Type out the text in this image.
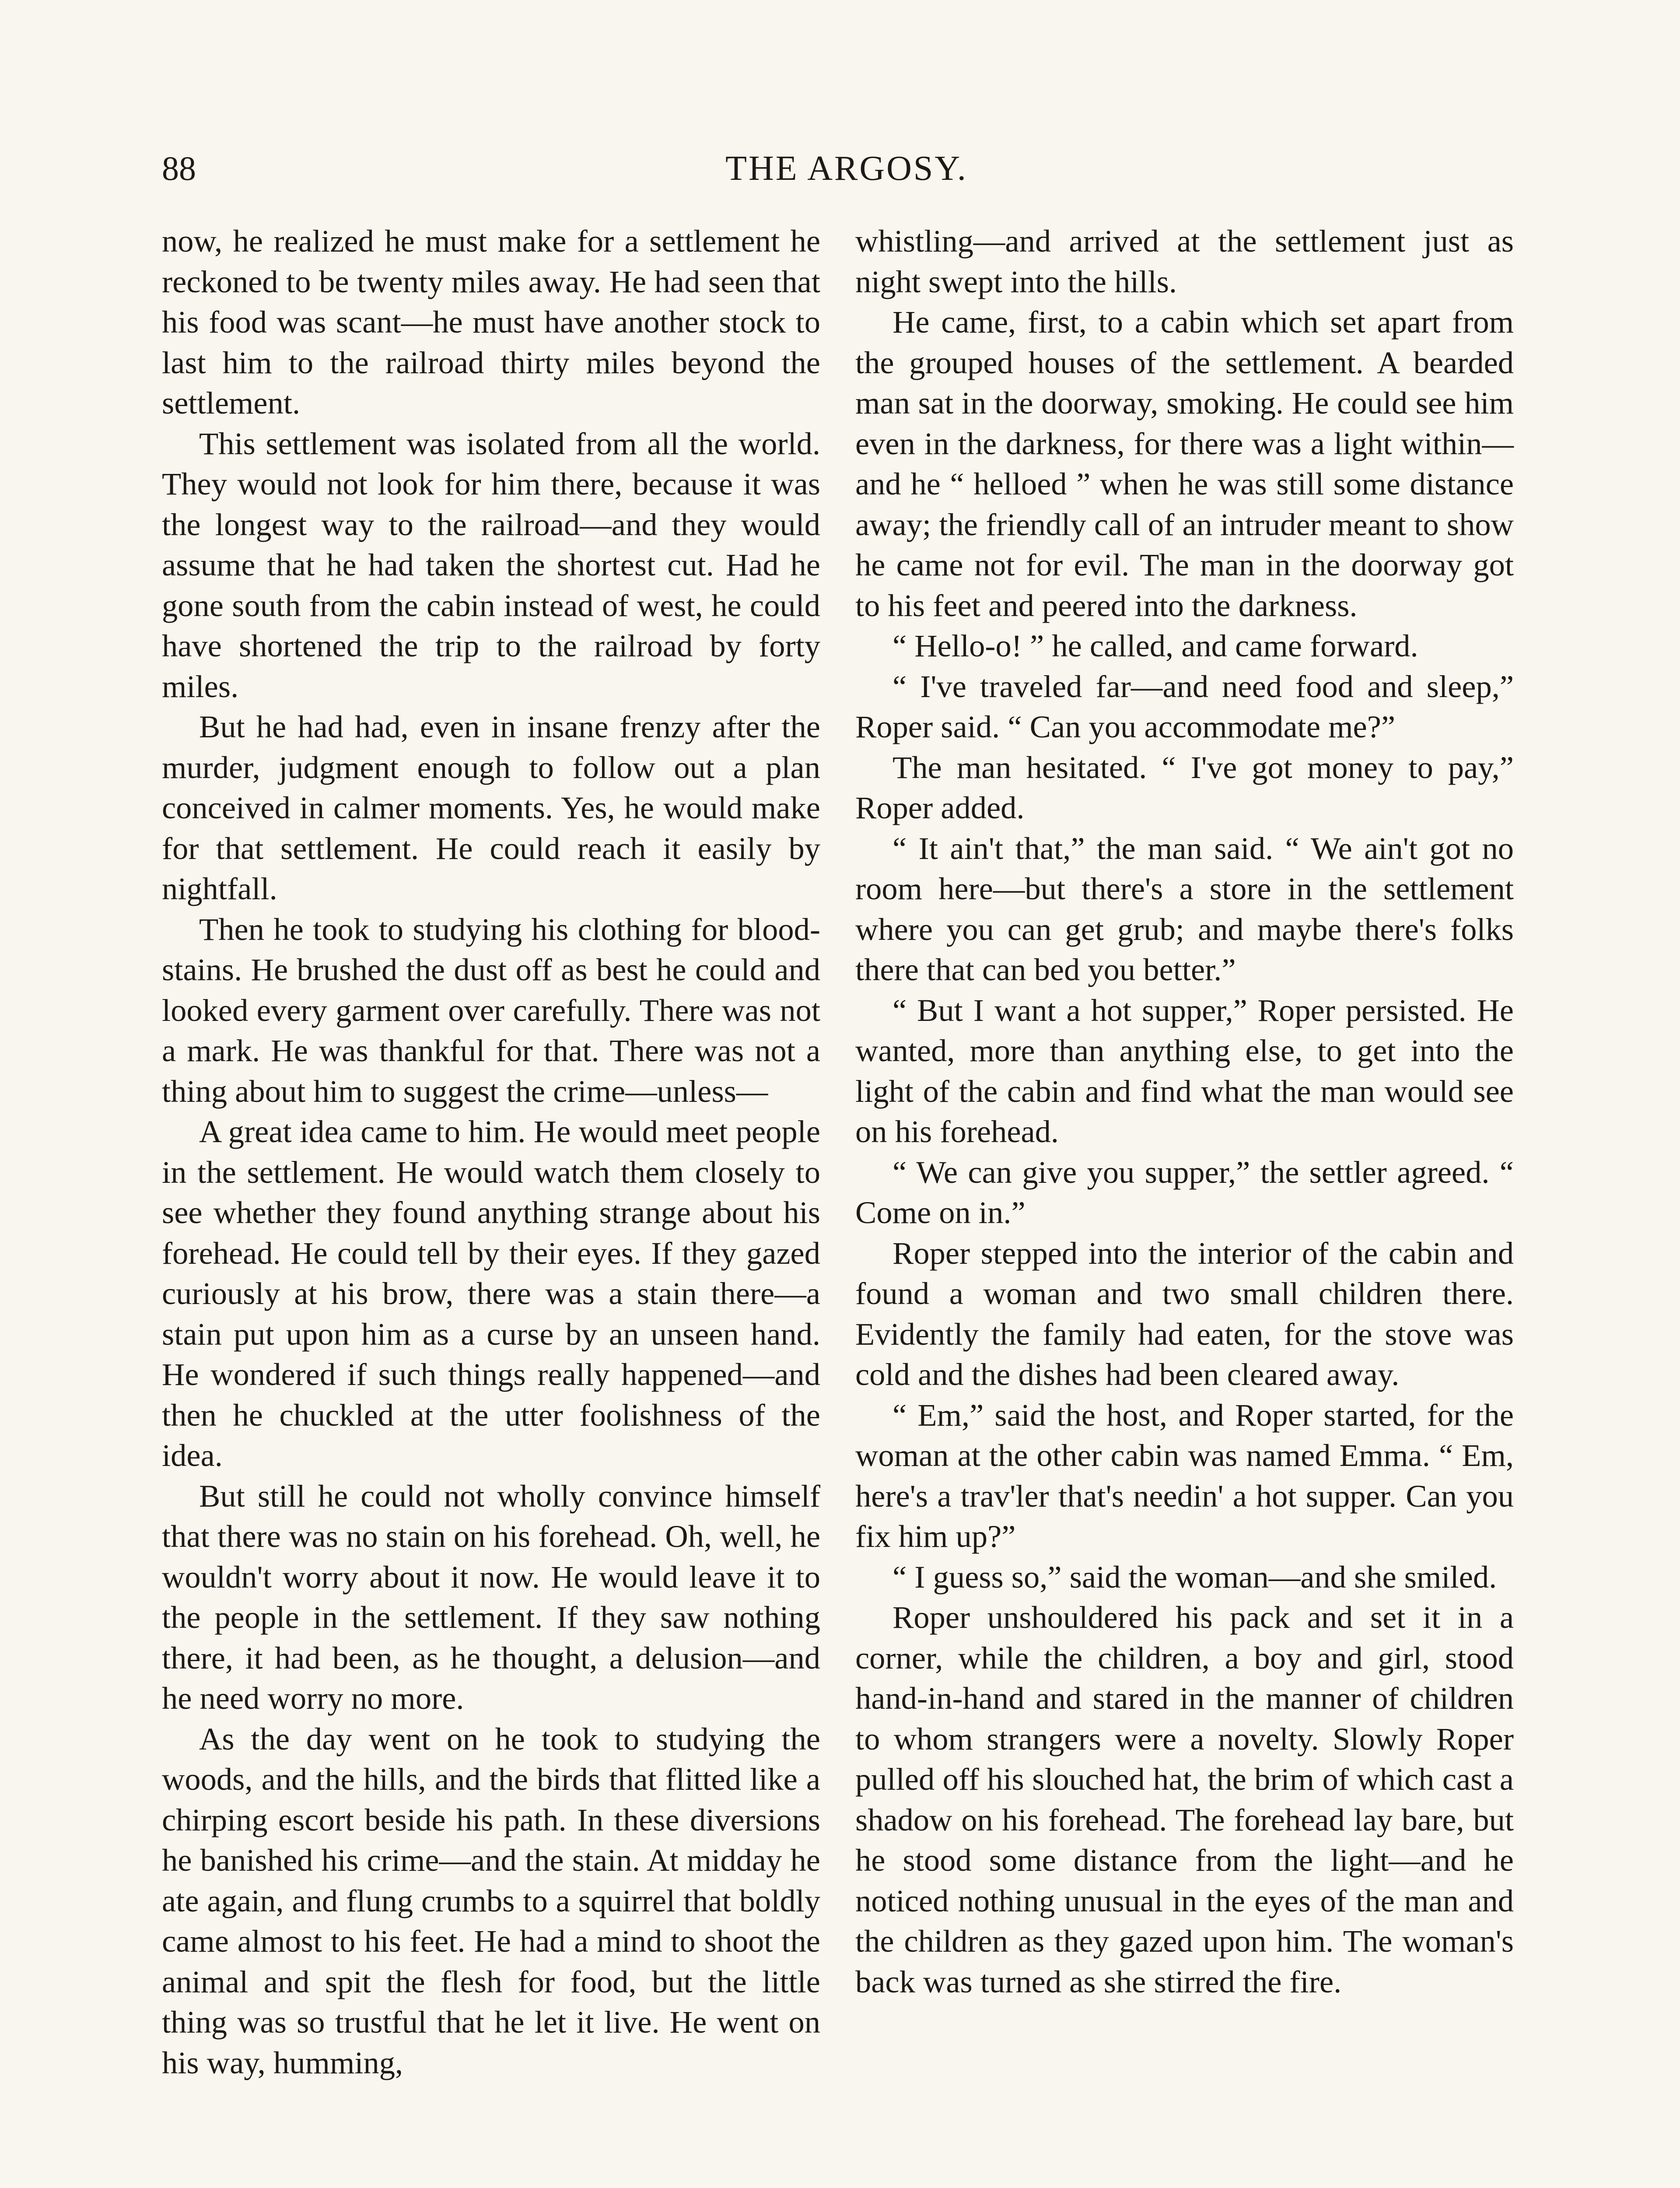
88	THE ARGOSY.

now, he realized he must make for a settlement he reckoned to be twenty miles away. He had seen that his food was scant—he must have another stock to last him to the railroad thirty miles beyond the settlement.

This settlement was isolated from all the world. They would not look for him there, because it was the longest way to the railroad—and they would assume that he had taken the shortest cut. Had he gone south from the cabin instead of west, he could have shortened the trip to the railroad by forty miles.

But he had had, even in insane frenzy after the murder, judgment enough to follow out a plan conceived in calmer moments. Yes, he would make for that settlement. He could reach it easily by nightfall.

Then he took to studying his clothing for blood-stains. He brushed the dust off as best he could and looked every garment over carefully. There was not a mark. He was thankful for that. There was not a thing about him to suggest the crime—unless—

A great idea came to him. He would meet people in the settlement. He would watch them closely to see whether they found anything strange about his forehead. He could tell by their eyes. If they gazed curiously at his brow, there was a stain there—a stain put upon him as a curse by an unseen hand. He wondered if such things really happened—and then he chuckled at the utter foolishness of the idea.

But still he could not wholly convince himself that there was no stain on his forehead. Oh, well, he wouldn't worry about it now. He would leave it to the people in the settlement. If they saw nothing there, it had been, as he thought, a delusion—and he need worry no more.

As the day went on he took to studying the woods, and the hills, and the birds that flitted like a chirping escort beside his path. In these diversions he banished his crime—and the stain. At midday he ate again, and flung crumbs to a squirrel that boldly came almost to his feet. He had a mind to shoot the animal and spit the flesh for food, but the little thing was so trustful that he let it live. He went on his way, humming,

whistling—and arrived at the settlement just as night swept into the hills.

He came, first, to a cabin which set apart from the grouped houses of the settlement. A bearded man sat in the doorway, smoking. He could see him even in the darkness, for there was a light within—and he “ helloed ” when he was still some distance away; the friendly call of an intruder meant to show he came not for evil. The man in the doorway got to his feet and peered into the darkness.

“ Hello-o! ” he called, and came forward.

“ I've traveled far—and need food and sleep,” Roper said. “ Can you accommodate me?”

The man hesitated. “ I've got money to pay,” Roper added.

“ It ain't that,” the man said. “ We ain't got no room here—but there's a store in the settlement where you can get grub; and maybe there's folks there that can bed you better.”

“ But I want a hot supper,” Roper persisted. He wanted, more than anything else, to get into the light of the cabin and find what the man would see on his forehead.

“ We can give you supper,” the settler agreed. “ Come on in.”

Roper stepped into the interior of the cabin and found a woman and two small children there. Evidently the family had eaten, for the stove was cold and the dishes had been cleared away.

“ Em,” said the host, and Roper started, for the woman at the other cabin was named Emma. “ Em, here's a trav'ler that's needin' a hot supper. Can you fix him up?”

“ I guess so,” said the woman—and she smiled.

Roper unshouldered his pack and set it in a corner, while the children, a boy and girl, stood hand-in-hand and stared in the manner of children to whom strangers were a novelty. Slowly Roper pulled off his slouched hat, the brim of which cast a shadow on his forehead. The forehead lay bare, but he stood some distance from the light—and he noticed nothing unusual in the eyes of the man and the children as they gazed upon him. The woman's back was turned as she stirred the fire.
